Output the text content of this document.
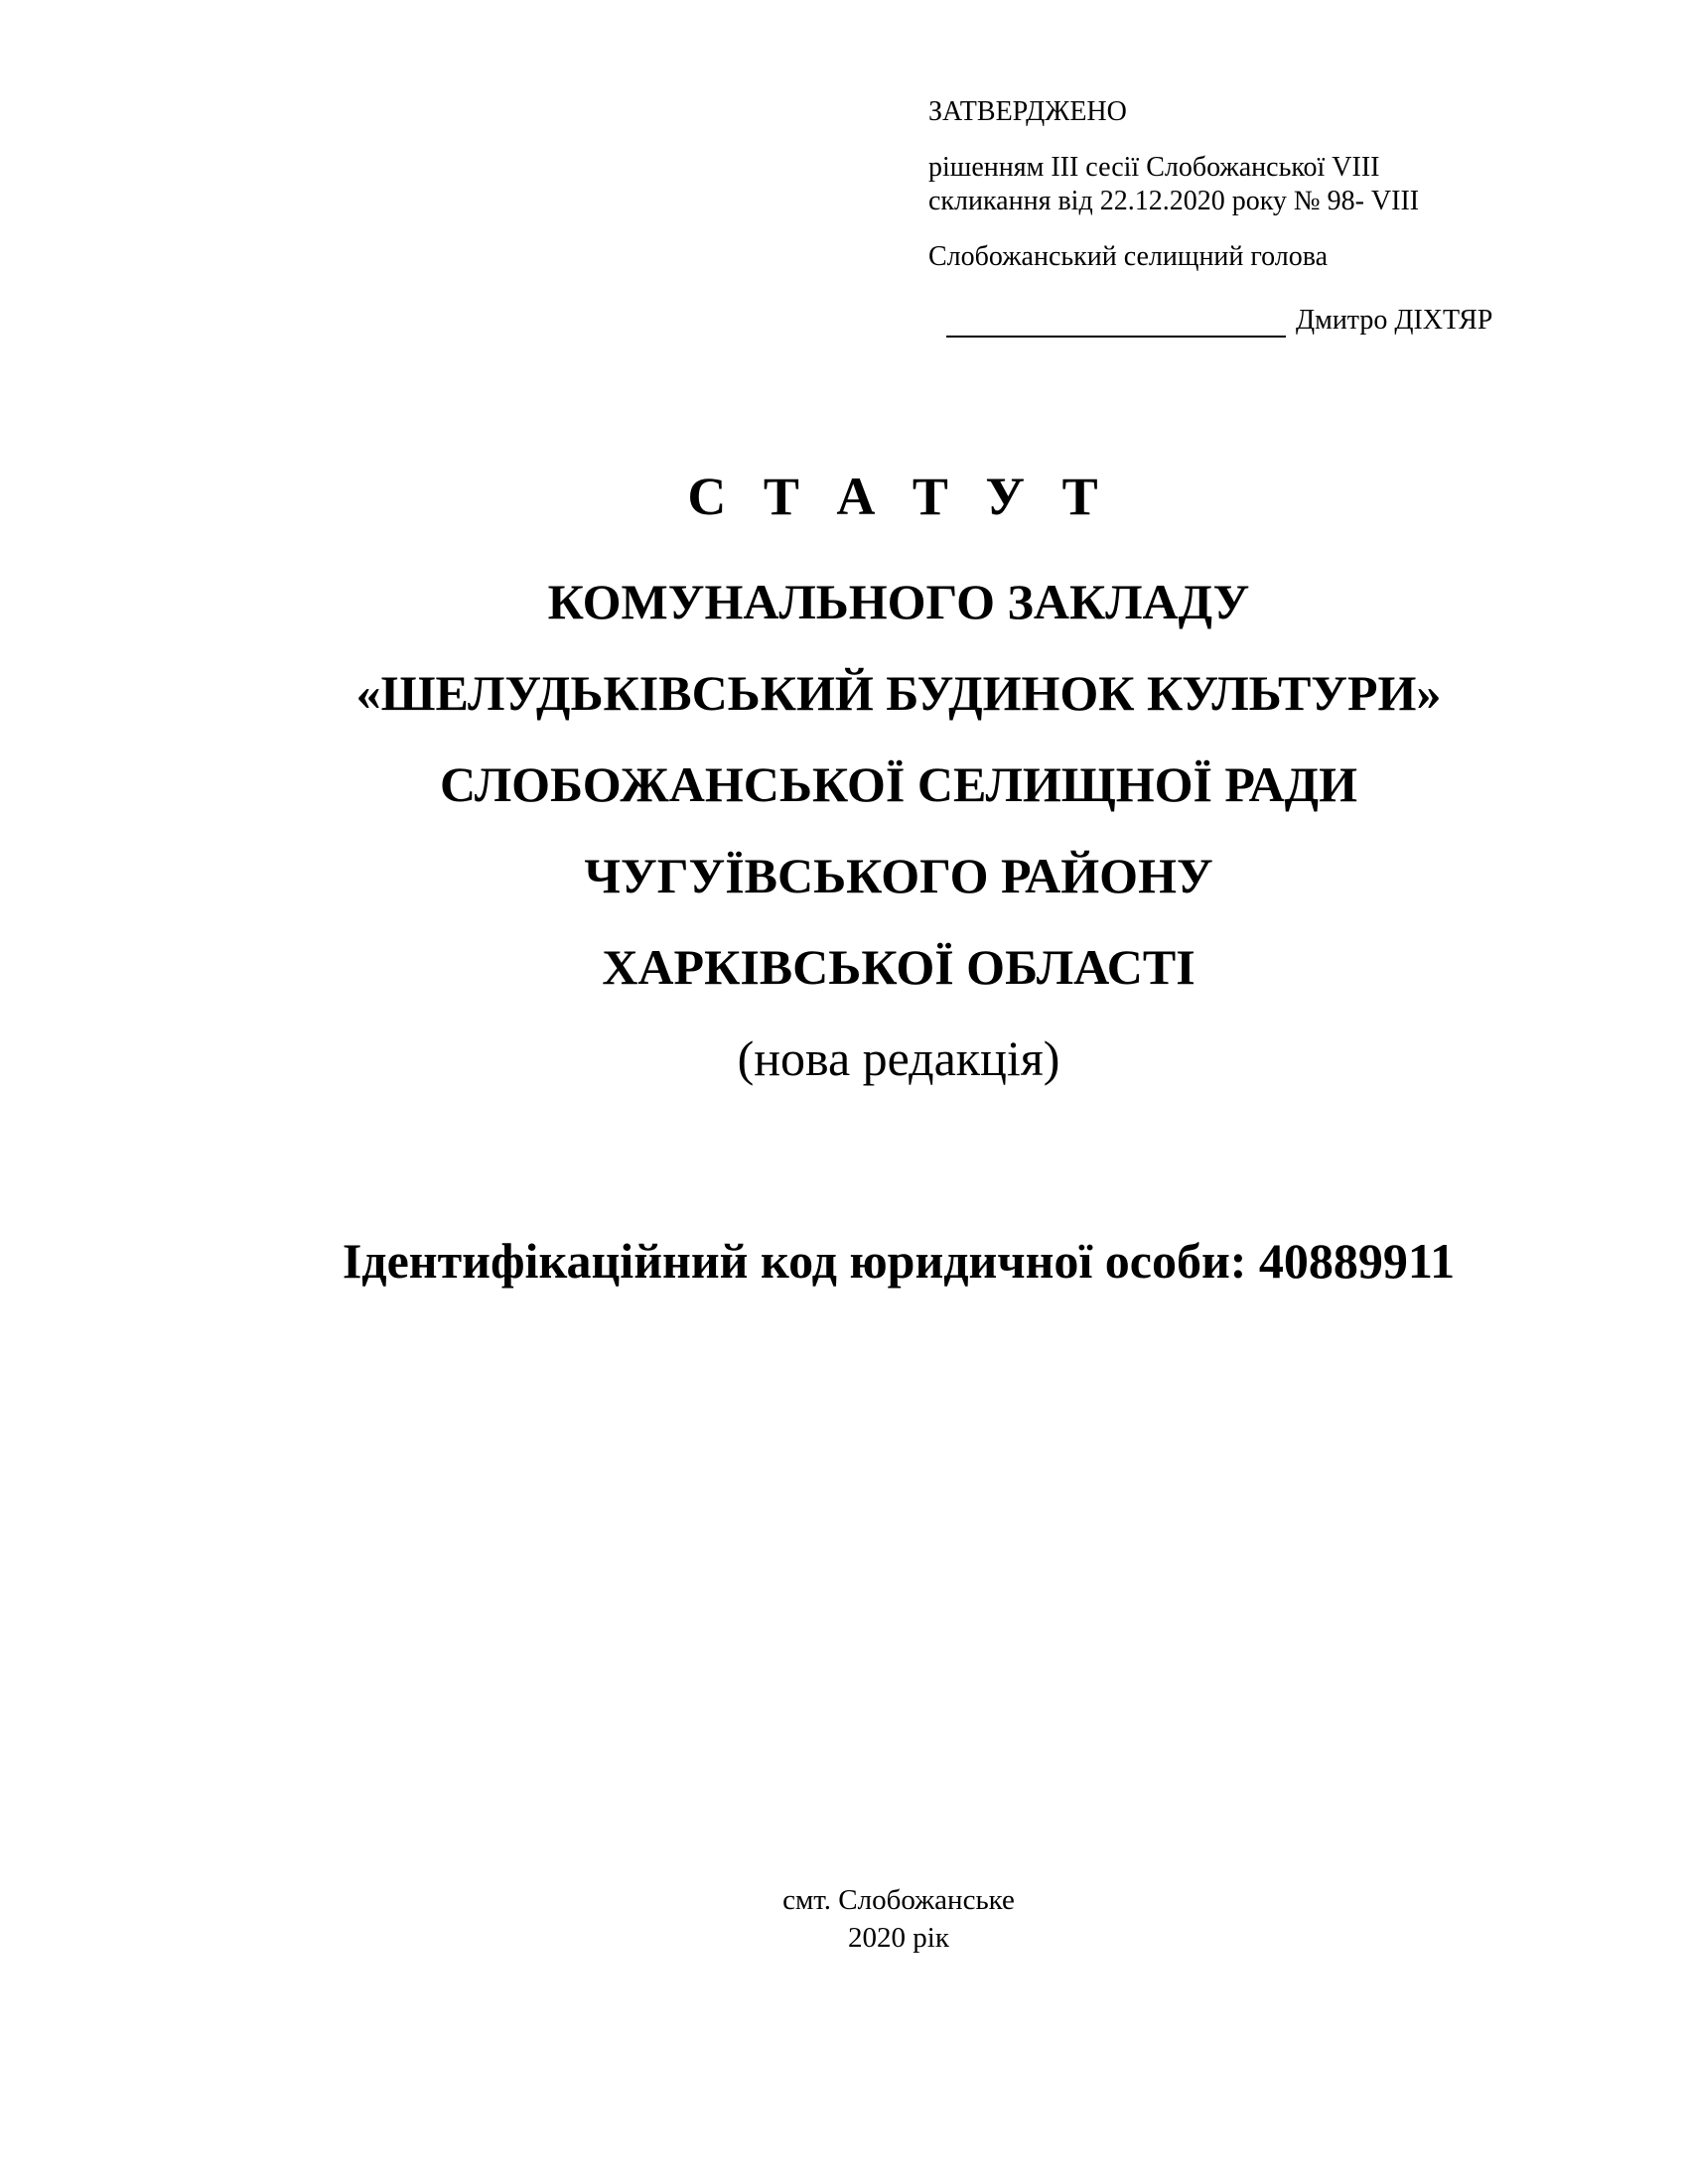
ЗАТВЕРДЖЕНО
рішенням ІІІ сесії Слобожанської VІІІ
скликання від 22.12.2020 року № 98- VIII
Слобожанський селищний голова
Дмитро ДІХТЯР

С Т А Т У Т

КОМУНАЛЬНОГО ЗАКЛАДУ

«ШЕЛУДЬКІВСЬКИЙ БУДИНОК КУЛЬТУРИ»

СЛОБОЖАНСЬКОЇ СЕЛИЩНОЇ РАДИ

ЧУГУЇВСЬКОГО РАЙОНУ

ХАРКІВСЬКОЇ ОБЛАСТІ

(нова редакція)

Ідентифікаційний код юридичної особи: 40889911
смт. Слобожанське
2020 рік
